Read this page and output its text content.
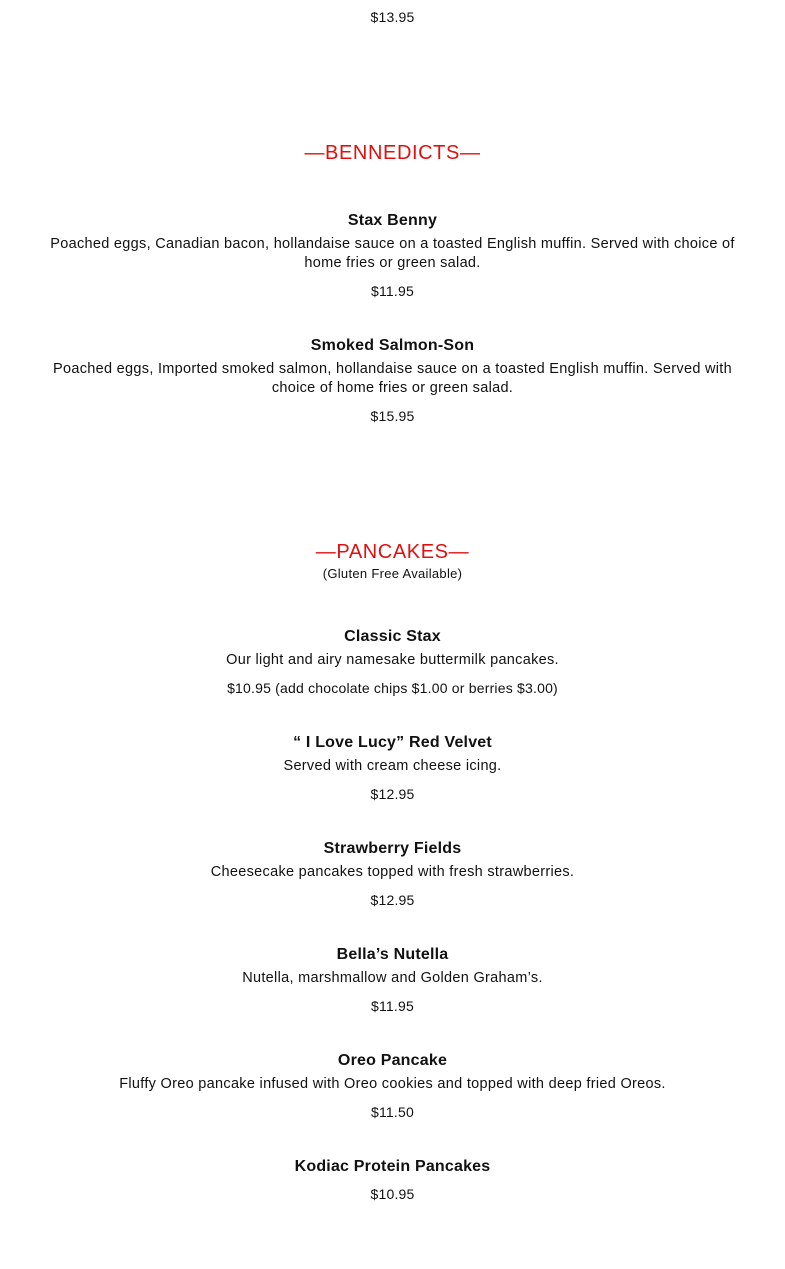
$13.95
—BENNEDICTS—
Stax Benny
Poached eggs, Canadian bacon, hollandaise sauce on a toasted English muffin. Served with choice of home fries or green salad.
$11.95
Smoked Salmon-Son
Poached eggs, Imported smoked salmon, hollandaise sauce on a toasted English muffin. Served with choice of home fries or green salad.
$15.95
—PANCAKES—
(Gluten Free Available)
Classic Stax
Our light and airy namesake buttermilk pancakes.
$10.95 (add chocolate chips $1.00 or berries $3.00)
“ I Love Lucy” Red Velvet
Served with cream cheese icing.
$12.95
Strawberry Fields
Cheesecake pancakes topped with fresh strawberries.
$12.95
Bella’s Nutella
Nutella, marshmallow and Golden Graham’s.
$11.95
Oreo Pancake
Fluffy Oreo pancake infused with Oreo cookies and topped with deep fried Oreos.
$11.50
Kodiac Protein Pancakes
$10.95
